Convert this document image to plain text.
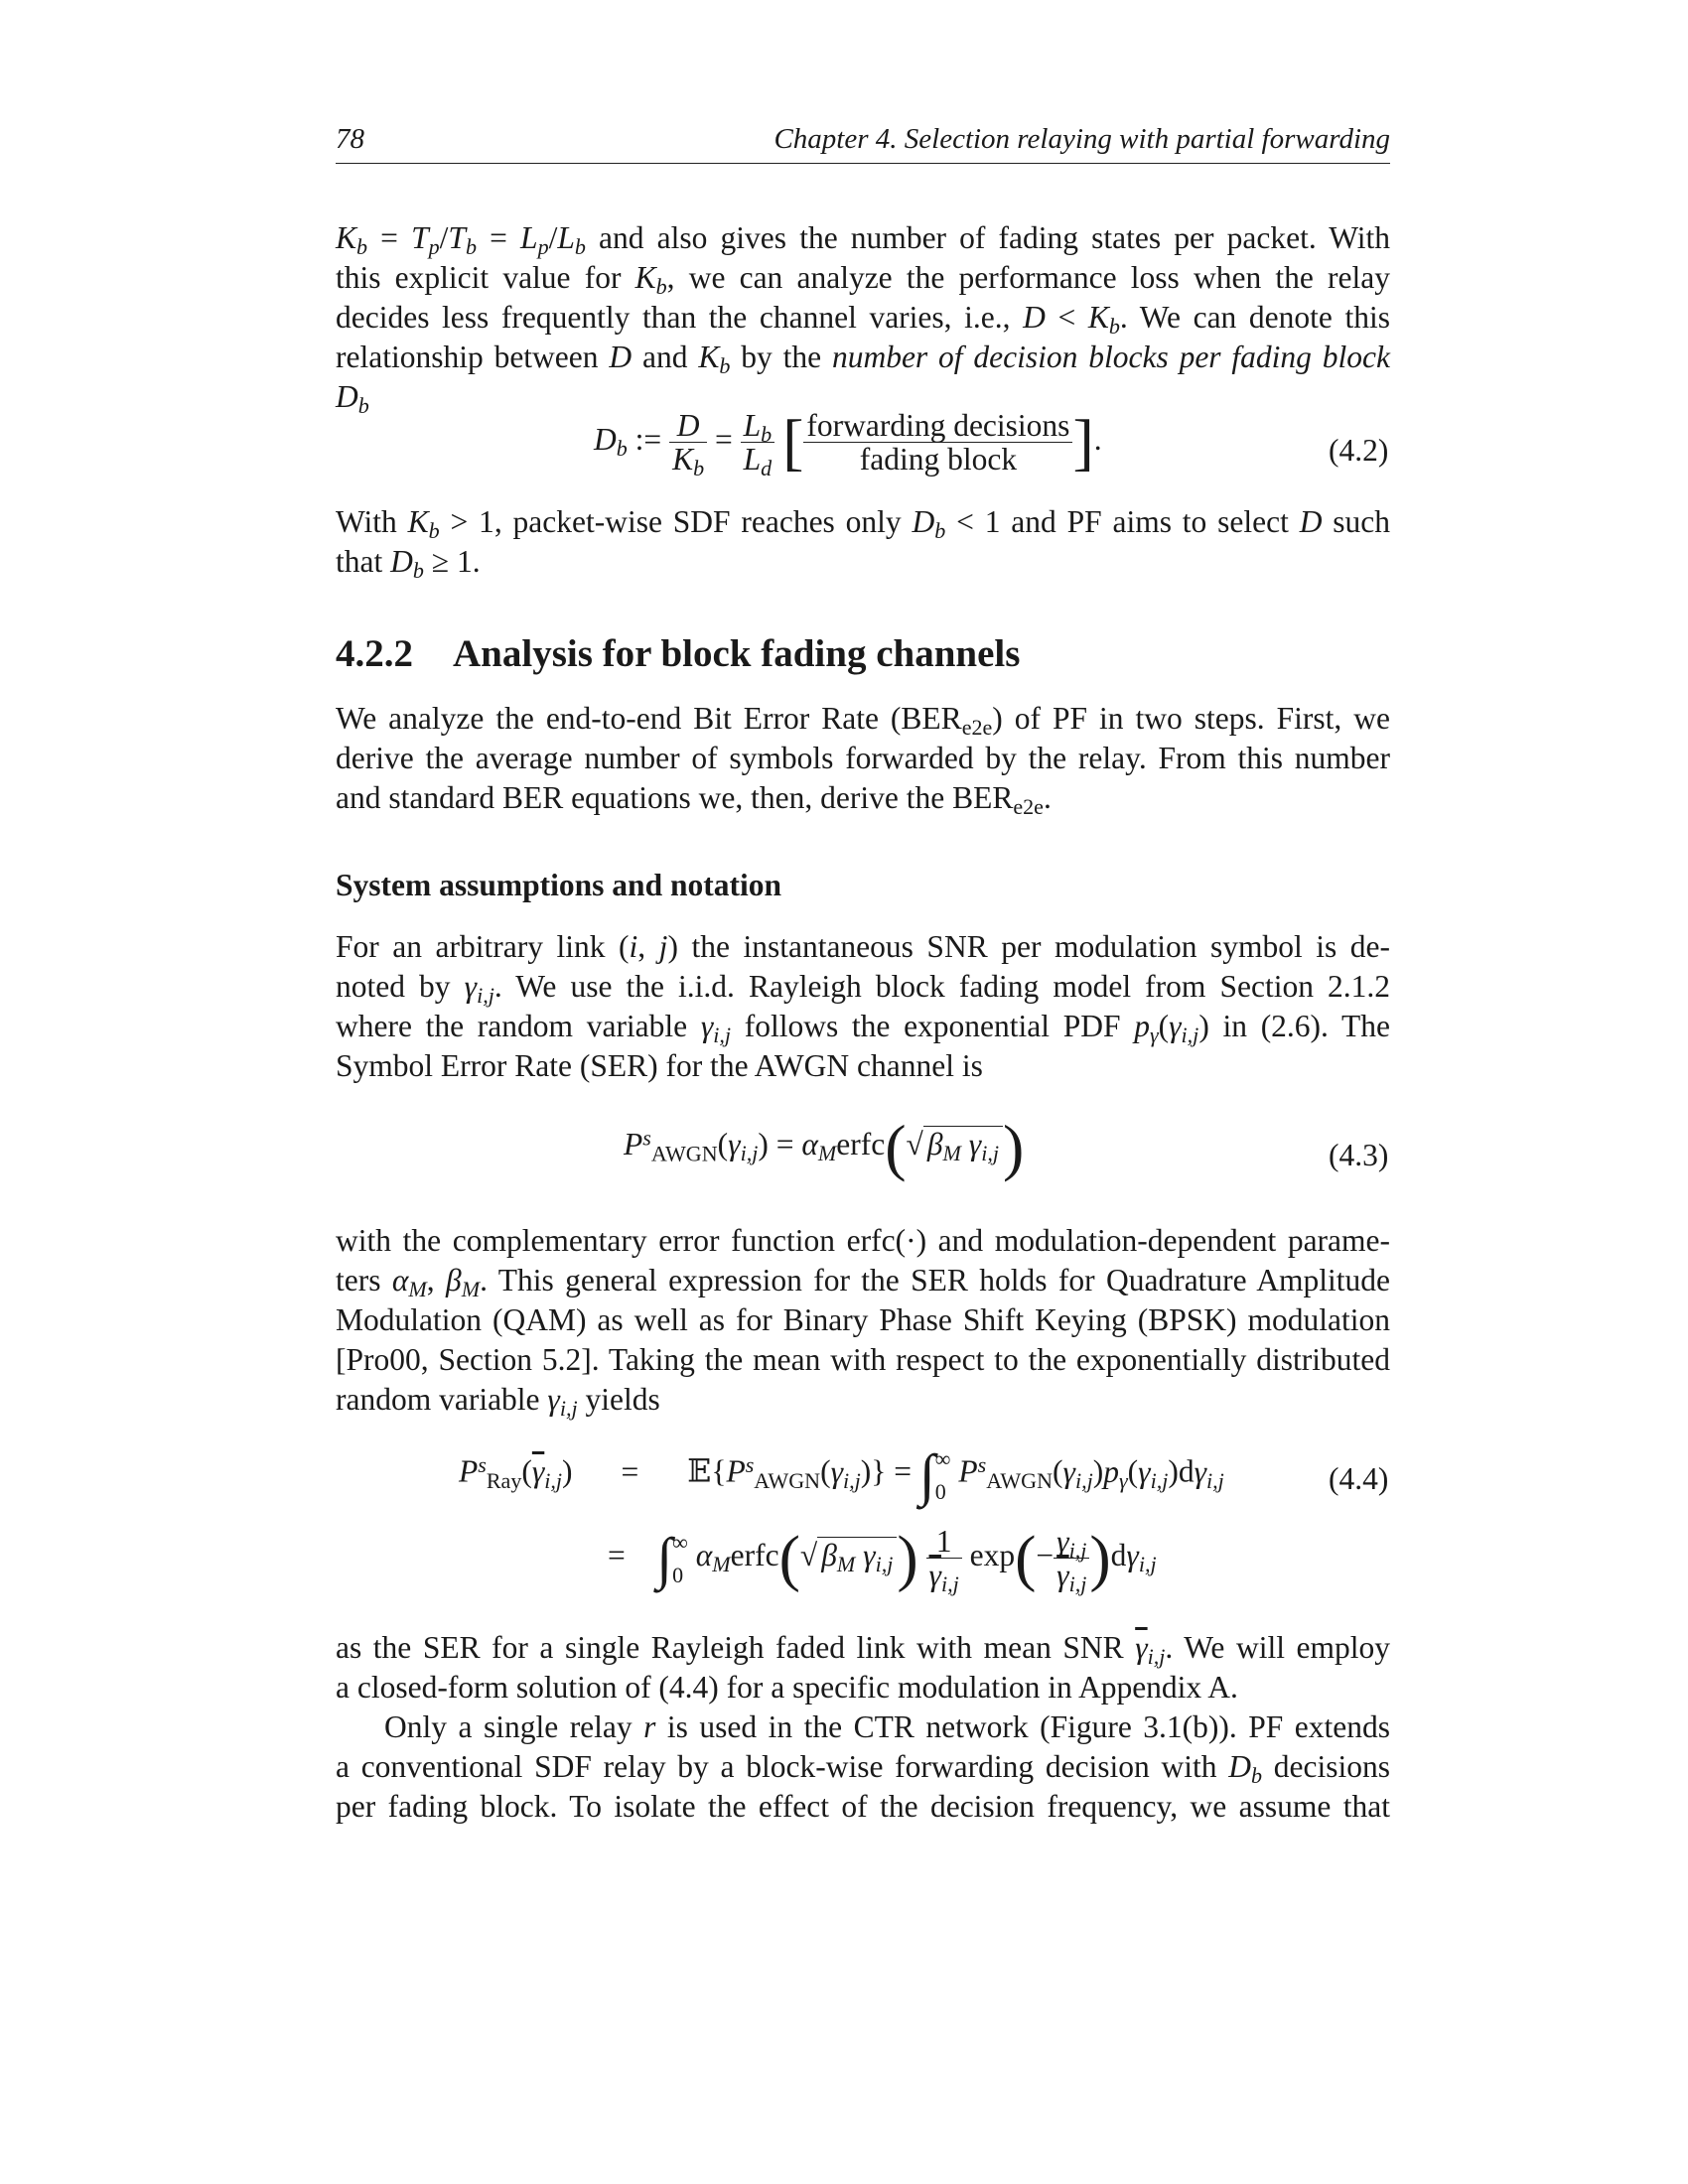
78	Chapter 4. Selection relaying with partial forwarding
$K_b = T_p/T_b = L_p/L_b$ and also gives the number of fading states per packet. With
this explicit value for $K_b$, we can analyze the performance loss when the relay
decides less frequently than the channel varies, i.e., $D < K_b$. We can denote this
relationship between D and $K_b$ by the number of decision blocks per fading block
$D_b$
$D_b$ := $\frac{D}{K_b} = \frac{L_b}{L_d}$ [ $\frac{\text{forwarding decisions}}{\text{fading block}}$ ].	(4.2)
With $K_b > 1$, packet-wise SDF reaches only $D_b < 1$ and PF aims to select D such
that $D_b \ge 1$.
4.2.2 Analysis for block fading channels
We analyze the end-to-end Bit Error Rate $(BER_{e2e})$ of PF in two steps. First, we
derive the average number of symbols forwarded by the relay. From this number
and standard BER equations we, then, derive the $BER_{e2e}$.
System assumptions and notation
For an arbitrary link (i, j) the instantaneous SNR per modulation symbol is de-
noted by $\gamma_{i,j}$. We use the i.i.d. Rayleigh block fading model from Section 2.1.2
where the random variable $\gamma_{i,j}$ follows the exponential PDF $p_\gamma(\gamma_{i,j})$ in (2.6). The
Symbol Error Rate (SER) for the AWGN channel is
$P^s_{AWGN}(\gamma_{i,j})$ = $\alpha_Merfc(√$ $\beta_M$ $\gamma_{i,j}$)	(4.3)
with the complementary error function erfc(·) and modulation-dependent parame-
ters $\alpha_M$, $\beta_M$. This general expression for the SER holds for Quadrature Amplitude
Modulation (QAM) as well as for Binary Phase Shift Keying (BPSK) modulation
[Pro00, Section 5.2]. Taking the mean with respect to the exponentially distributed
random variable $\gamma_{i,j}$ yields
$P^s_{Ray}(\overline{\gamma}_{i,j})$ = $𝔼\{P^s_{AWGN}(\gamma_{i,j})\}$ = ∫∞
0 $P^s_{AWGN}(\gamma_{i,j})p_\gamma(\gamma_{i,j})d\gamma_{i,j}$	(4.4)
=    ∫∞
0 $\alpha_Merfc(√$ $\beta_M$ $\gamma_{i,j}) \frac{1}{\overline{\gamma}_{i,j}} \exp(- \frac{\gamma_{i,j}}{\overline{\gamma}_{i,j}} )d\gamma_{i,j}$
as the SER for a single Rayleigh faded link with mean SNR $\overline{\gamma}_{i,j}$. We will employ
a closed-form solution of (4.4) for a specific modulation in Appendix A.
Only a single relay r is used in the CTR network (Figure 3.1(b)). PF extends
a conventional SDF relay by a block-wise forwarding decision with $D_b$ decisions
per fading block. To isolate the effect of the decision frequency, we assume that
